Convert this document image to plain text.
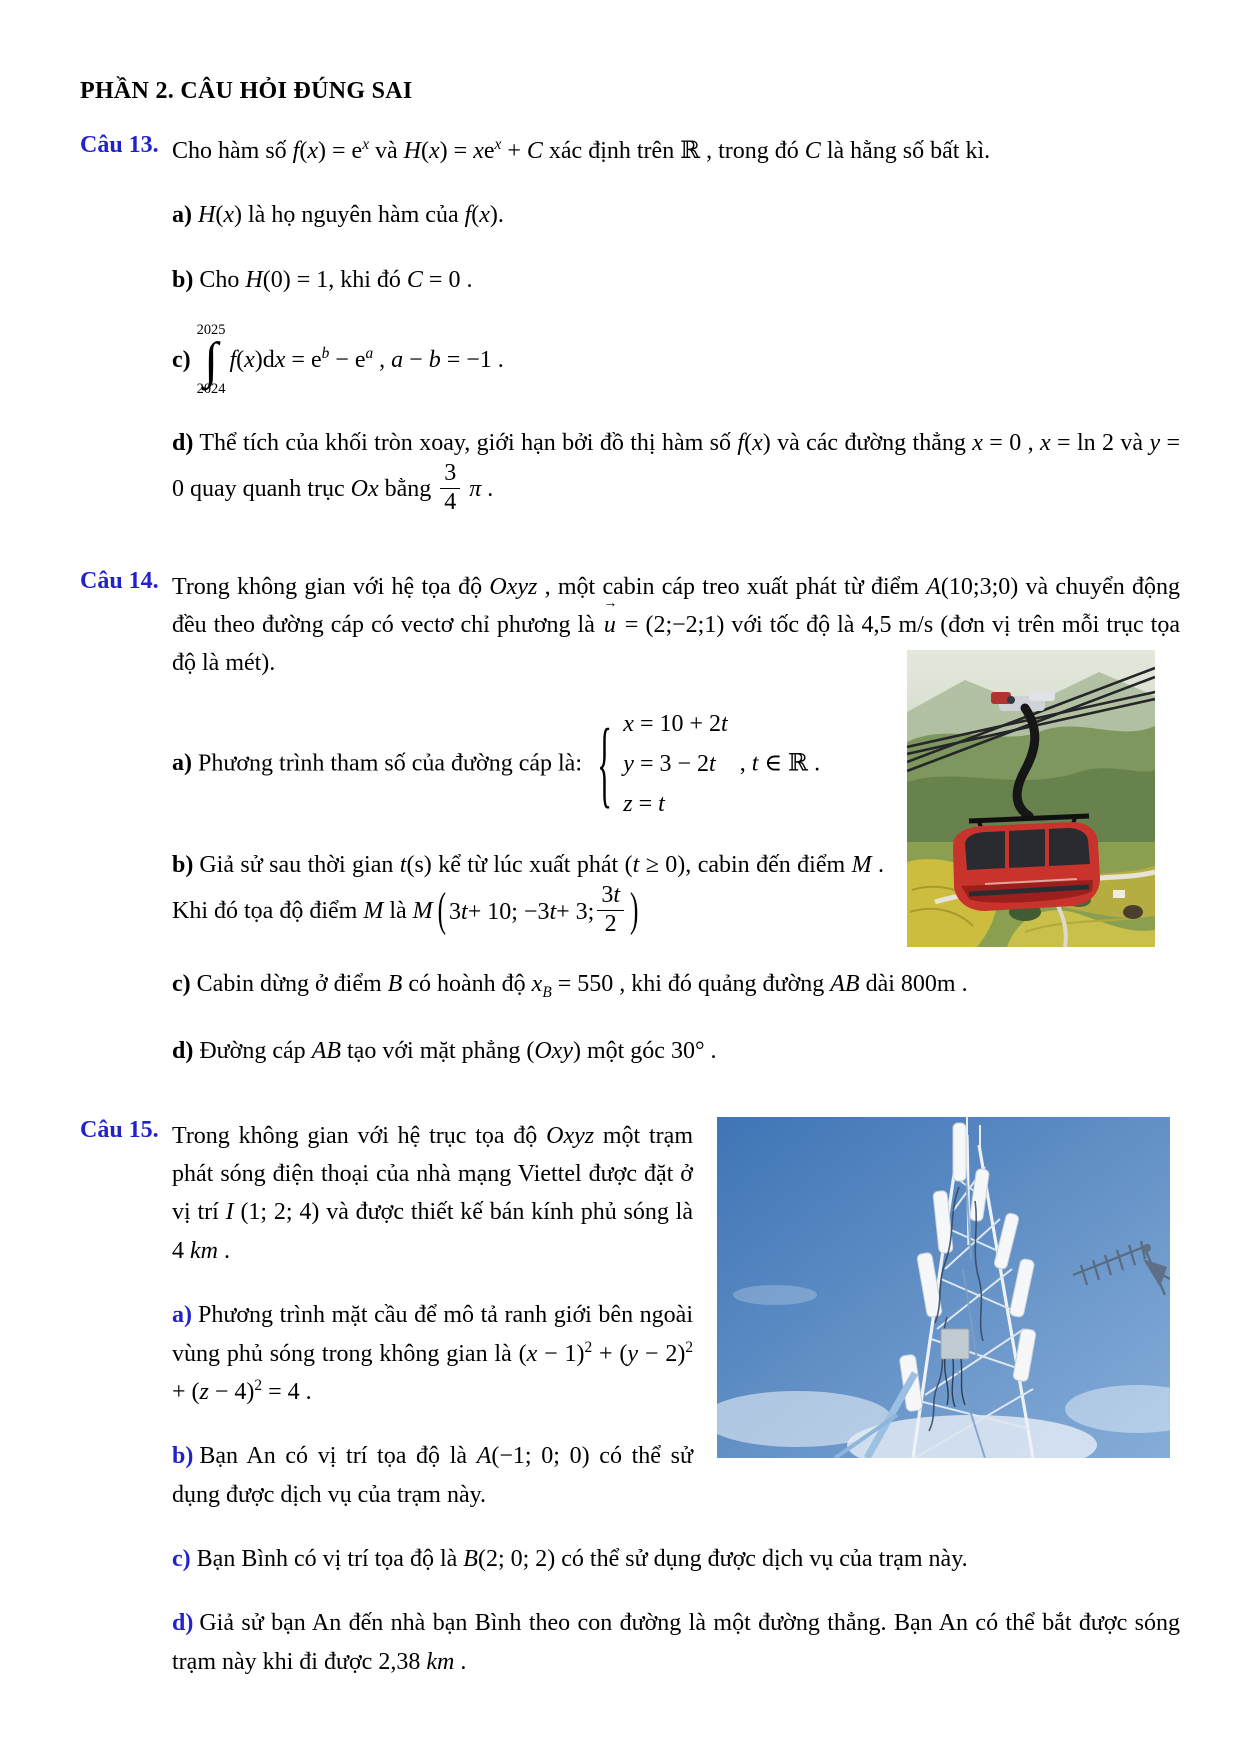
PHẦN 2. CÂU HỎI ĐÚNG SAI
Câu 13. Cho hàm số $f(x) = e^x$ và $H(x) = xe^x + C$ xác định trên ℝ , trong đó C là hằng số bất kì.

a) H(x) là họ nguyên hàm của f(x).

b) Cho H(0) = 1, khi đó C = 0 .

c)
2025
∫
2024
$f(x)dx = e^b - e^a$ , a − b = −1 .

d) Thể tích của khối tròn xoay, giới hạn bởi đồ thị hàm số f(x) và các đường thẳng x = 0 , x = ln 2 và y = 0 quay quanh trục Ox bằng $\frac{3}{4}$ π .

Câu 14. Trong không gian với hệ tọa độ Oxyz , một cabin cáp treo xuất phát từ điểm A(10;3;0) và chuyển động đều theo đường cáp có vectơ chỉ phương là
→
u = (2;−2;1) với tốc độ là 4,5 m/s (đơn vị trên mỗi trục tọa độ là mét).

a) Phương trình tham số của đường cáp là: { x = 10 + 2t
y = 3 − 2t
z = t
, t ∈ ℝ .

b) Giả sử sau thời gian t(s) kể từ lúc xuất phát (t ≥ 0), cabin đến điểm M . Khi đó tọa độ điểm M là M ( 3 t + 10; −3 t + 3; $\frac{3t}{2}$ )

c) Cabin dừng ở điểm B có hoành độ $x_B = 550$ , khi đó quảng đường AB dài 800m .

d) Đường cáp AB tạo với mặt phẳng (Oxy) một góc 30° .

Câu 15. Trong không gian với hệ trục tọa độ Oxyz một trạm phát sóng điện thoại của nhà mạng Viettel được đặt ở vị trí I (1; 2; 4) và được thiết kế bán kính phủ sóng là 4 km .

a) Phương trình mặt cầu để mô tả ranh giới bên ngoài vùng phủ sóng trong không gian là $(x - 1)^2 + (y - 2)^2 + (z - 4)^2 = 4$ .

b) Bạn An có vị trí tọa độ là A(−1; 0; 0) có thể sử dụng được dịch vụ của trạm này.

c) Bạn Bình có vị trí tọa độ là B(2; 0; 2) có thể sử dụng được dịch vụ của trạm này.

d) Giả sử bạn An đến nhà bạn Bình theo con đường là một đường thẳng. Bạn An có thể bắt được sóng trạm này khi đi được 2,38 km .
